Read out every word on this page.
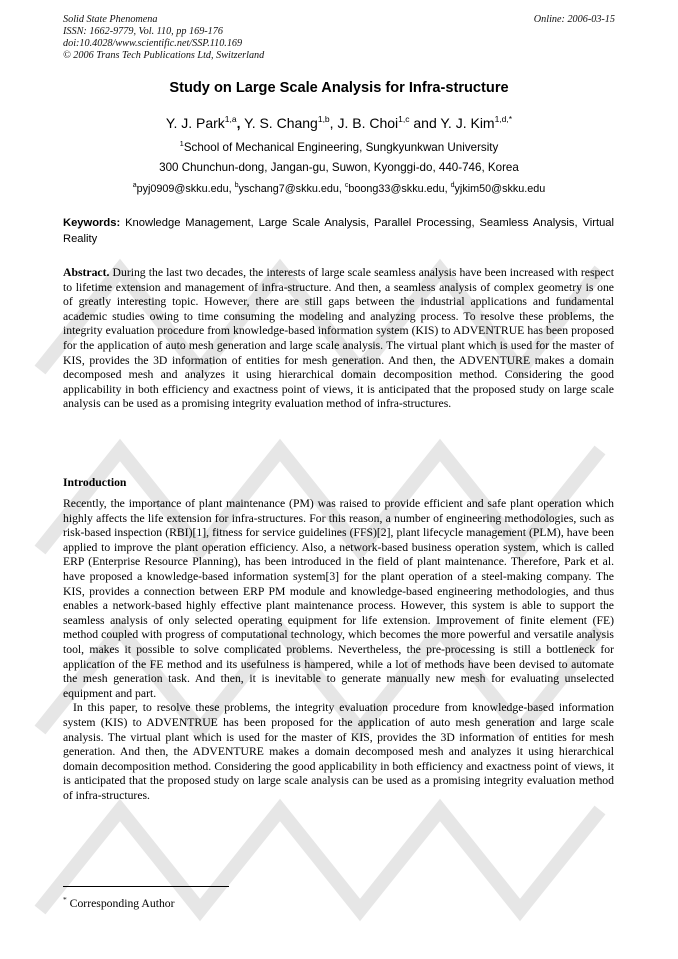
Solid State Phenomena
ISSN: 1662-9779, Vol. 110, pp 169-176
doi:10.4028/www.scientific.net/SSP.110.169
© 2006 Trans Tech Publications Ltd, Switzerland
Online: 2006-03-15
Study on Large Scale Analysis for Infra-structure
Y. J. Park$^{1,a}$, Y. S. Chang$^{1,b}$, J. B. Choi$^{1,c}$ and Y. J. Kim$^{1,d,*}$
$^1$School of Mechanical Engineering, Sungkyunkwan University
300 Chunchun-dong, Jangan-gu, Suwon, Kyonggi-do, 440-746, Korea
$^a$pyj0909@skku.edu, $^b$yschang7@skku.edu, $^c$boong33@skku.edu, $^d$yjkim50@skku.edu
Keywords: Knowledge Management, Large Scale Analysis, Parallel Processing, Seamless Analysis, Virtual Reality
Abstract. During the last two decades, the interests of large scale seamless analysis have been increased with respect to lifetime extension and management of infra-structure. And then, a seamless analysis of complex geometry is one of greatly interesting topic. However, there are still gaps between the industrial applications and fundamental academic studies owing to time consuming the modeling and analyzing process. To resolve these problems, the integrity evaluation procedure from knowledge-based information system (KIS) to ADVENTRUE has been proposed for the application of auto mesh generation and large scale analysis. The virtual plant which is used for the master of KIS, provides the 3D information of entities for mesh generation. And then, the ADVENTURE makes a domain decomposed mesh and analyzes it using hierarchical domain decomposition method. Considering the good applicability in both efficiency and exactness point of views, it is anticipated that the proposed study on large scale analysis can be used as a promising integrity evaluation method of infra-structures.
Introduction

Recently, the importance of plant maintenance (PM) was raised to provide efficient and safe plant operation which highly affects the life extension for infra-structures. For this reason, a number of engineering methodologies, such as risk-based inspection (RBI)[1], fitness for service guidelines (FFS)[2], plant lifecycle management (PLM), have been applied to improve the plant operation efficiency. Also, a network-based business operation system, which is called ERP (Enterprise Resource Planning), has been introduced in the field of plant maintenance. Therefore, Park et al. have proposed a knowledge-based information system[3] for the plant operation of a steel-making company. The KIS, provides a connection between ERP PM module and knowledge-based engineering methodologies, and thus enables a network-based highly effective plant maintenance process. However, this system is able to support the seamless analysis of only selected operating equipment for life extension. Improvement of finite element (FE) method coupled with progress of computational technology, which becomes the more powerful and versatile analysis tool, makes it possible to solve complicated problems. Nevertheless, the pre-processing is still a bottleneck for application of the FE method and its usefulness is hampered, while a lot of methods have been devised to automate the mesh generation task. And then, it is inevitable to generate manually new mesh for evaluating unselected equipment and part.

In this paper, to resolve these problems, the integrity evaluation procedure from knowledge-based information system (KIS) to ADVENTRUE has been proposed for the application of auto mesh generation and large scale analysis. The virtual plant which is used for the master of KIS, provides the 3D information of entities for mesh generation. And then, the ADVENTURE makes a domain decomposed mesh and analyzes it using hierarchical domain decomposition method. Considering the good applicability in both efficiency and exactness point of views, it is anticipated that the proposed study on large scale analysis can be used as a promising integrity evaluation method of infra-structures.

* Corresponding Author
